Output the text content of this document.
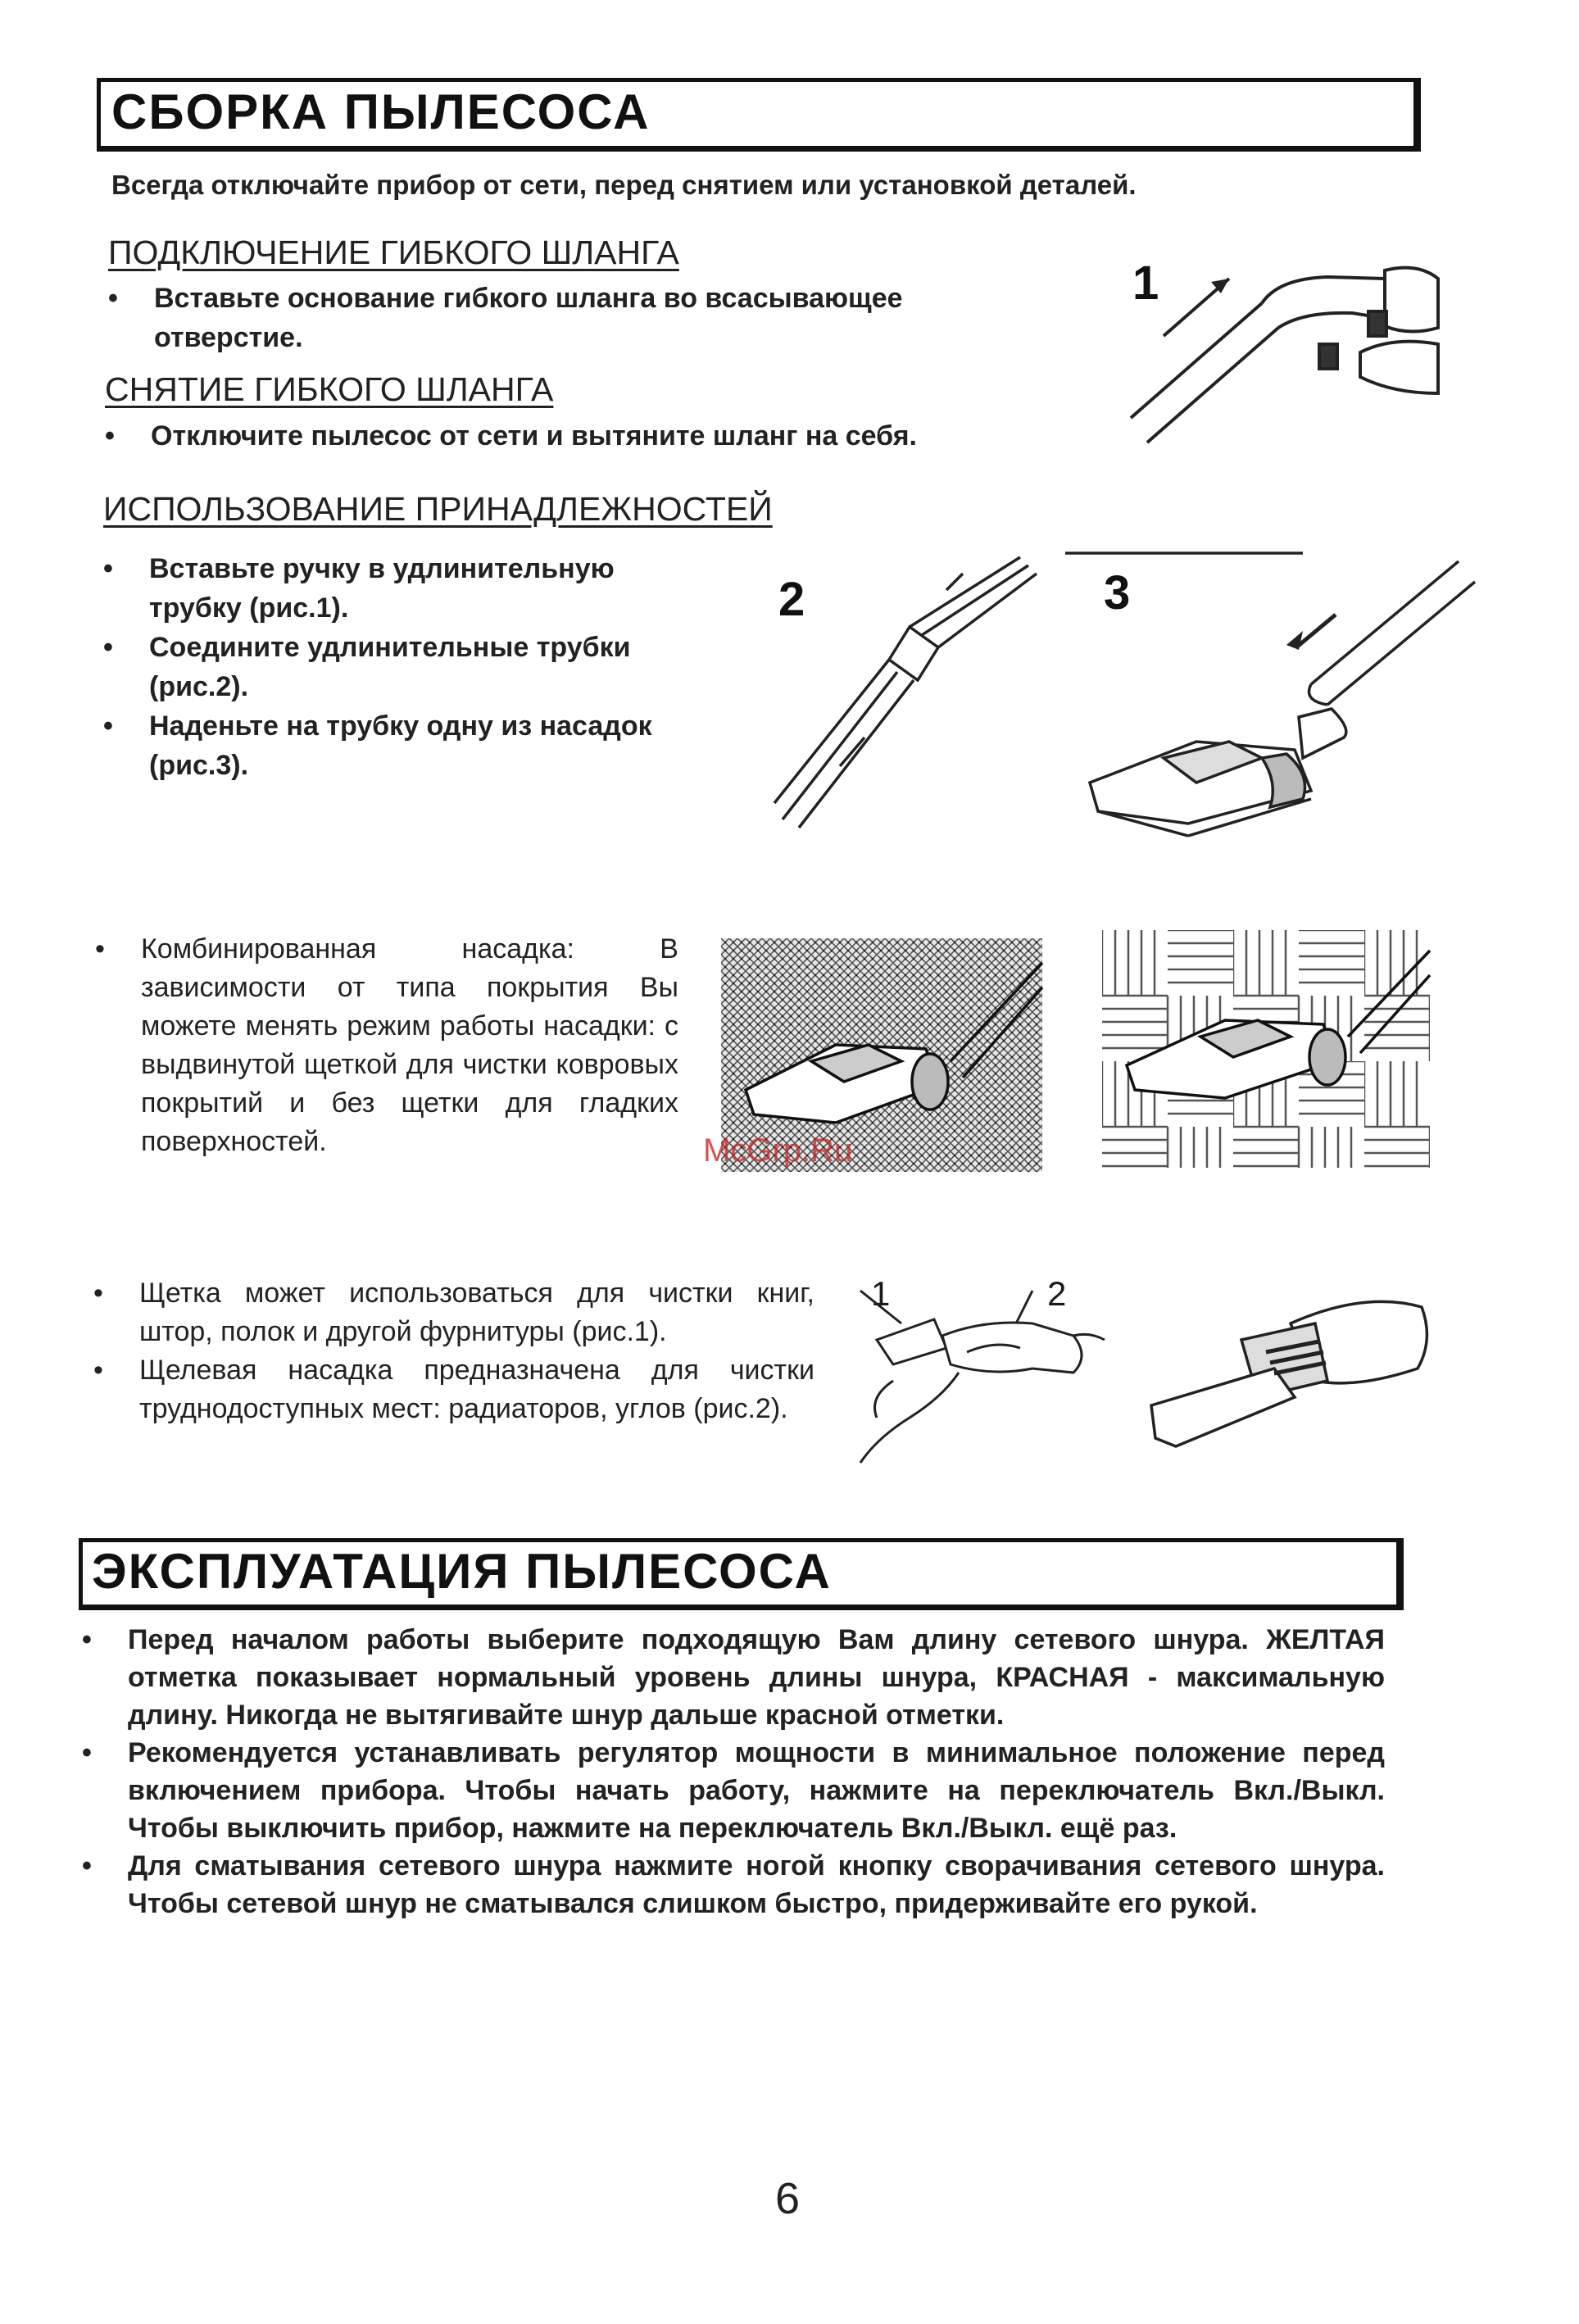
СБОРКА ПЫЛЕСОСА
Всегда отключайте прибор от сети, перед снятием или установкой деталей.
ПОДКЛЮЧЕНИЕ ГИБКОГО ШЛАНГА
• Вставьте основание гибкого шланга во всасывающее отверстие.
СНЯТИЕ ГИБКОГО ШЛАНГА
• Отключите пылесос от сети и вытяните шланг на себя.
1
ИСПОЛЬЗОВАНИЕ ПРИНАДЛЕЖНОСТЕЙ
• Вставьте ручку в удлинительную трубку (рис.1).
• Соедините удлинительные трубки (рис.2).
• Наденьте на трубку одну из насадок (рис.3).
2	3
• Комбинированная насадка: В зависимости от типа покрытия Вы можете менять режим работы насадки: с выдвинутой щеткой для чистки ковровых покрытий и без щетки для гладких поверхностей.	McGrp.Ru
• Щетка может использоваться для чистки книг, штор, полок и другой фурнитуры (рис.1).
• Щелевая насадка предназначена для чистки труднодоступных мест: радиаторов, углов (рис.2).
1	2
ЭКСПЛУАТАЦИЯ ПЫЛЕСОСА
• Перед началом работы выберите подходящую Вам длину сетевого шнура. ЖЕЛТАЯ отметка показывает нормальный уровень длины шнура, КРАСНАЯ - максимальную длину. Никогда не вытягивайте шнур дальше красной отметки.
• Рекомендуется устанавливать регулятор мощности в минимальное положение перед включением прибора. Чтобы начать работу, нажмите на переключатель Вкл./Выкл. Чтобы выключить прибор, нажмите на переключатель Вкл./Выкл. ещё раз.
• Для сматывания сетевого шнура нажмите ногой кнопку сворачивания сетевого шнура. Чтобы сетевой шнур не сматывался слишком быстро, придерживайте его рукой.
6
